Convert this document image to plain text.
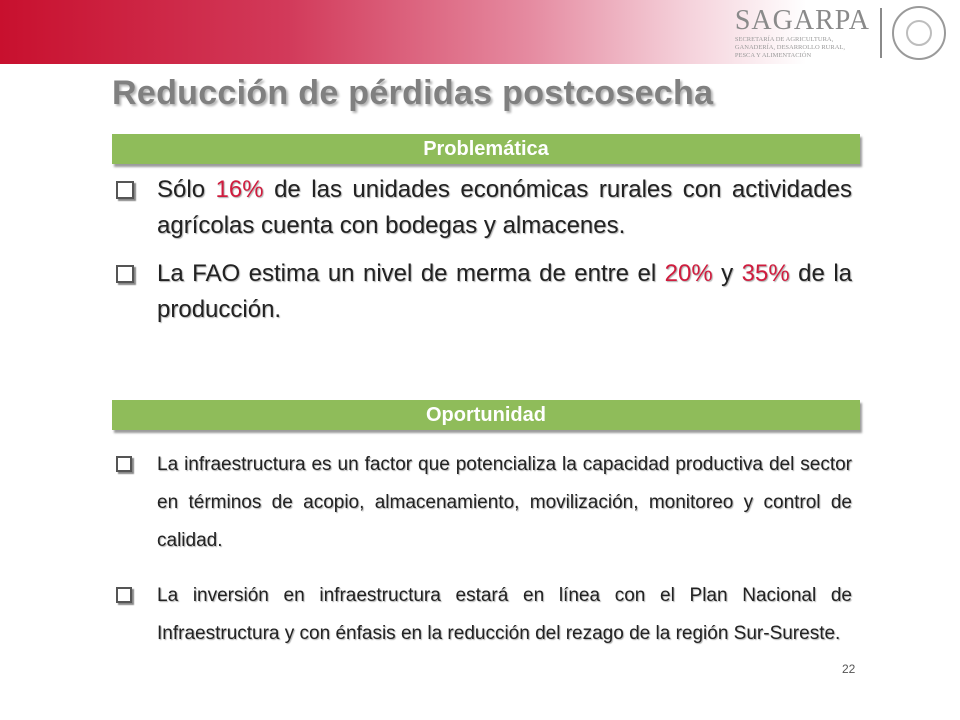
SAGARPA
SECRETARÍA DE AGRICULTURA,
GANADERÍA, DESARROLLO RURAL,
PESCA Y ALIMENTACIÓN
Reducción de pérdidas postcosecha
Problemática
Sólo 16% de las unidades económicas rurales con actividades agrícolas cuenta con bodegas y almacenes.
La FAO estima un nivel de merma de entre el 20% y 35% de la producción.
Oportunidad
La infraestructura es un factor que potencializa la capacidad productiva del sector en términos de acopio, almacenamiento, movilización, monitoreo y control de calidad.
La inversión en infraestructura estará en línea con el Plan Nacional de Infraestructura y con énfasis en la reducción del rezago de la región Sur-Sureste.
22
